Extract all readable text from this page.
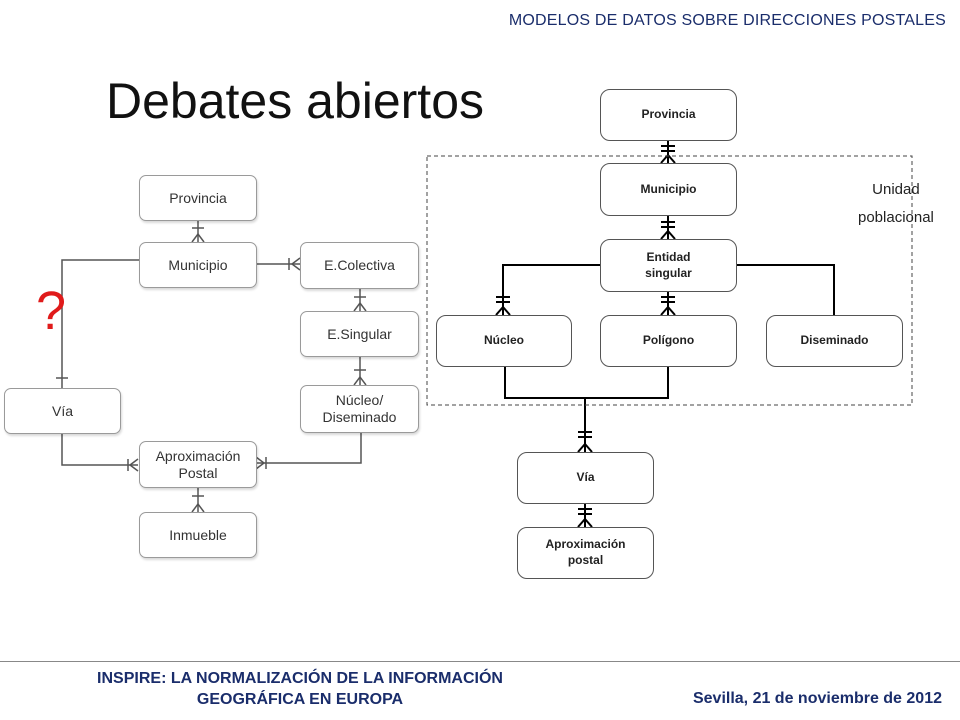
MODELOS DE DATOS SOBRE DIRECCIONES POSTALES
Debates abiertos
Provincia
Municipio	E.Colectiva
E.Singular
Núcleo/ Diseminado
Vía
Aproximación Postal
Inmueble
?
Provincia
Municipio
Entidad singular
Núcleo	Polígono	Diseminado
Vía
Aproximación postal
Unidad
poblacional
INSPIRE: LA NORMALIZACIÓN DE LA INFORMACIÓN
GEOGRÁFICA EN EUROPA	Sevilla, 21 de noviembre de 2012
